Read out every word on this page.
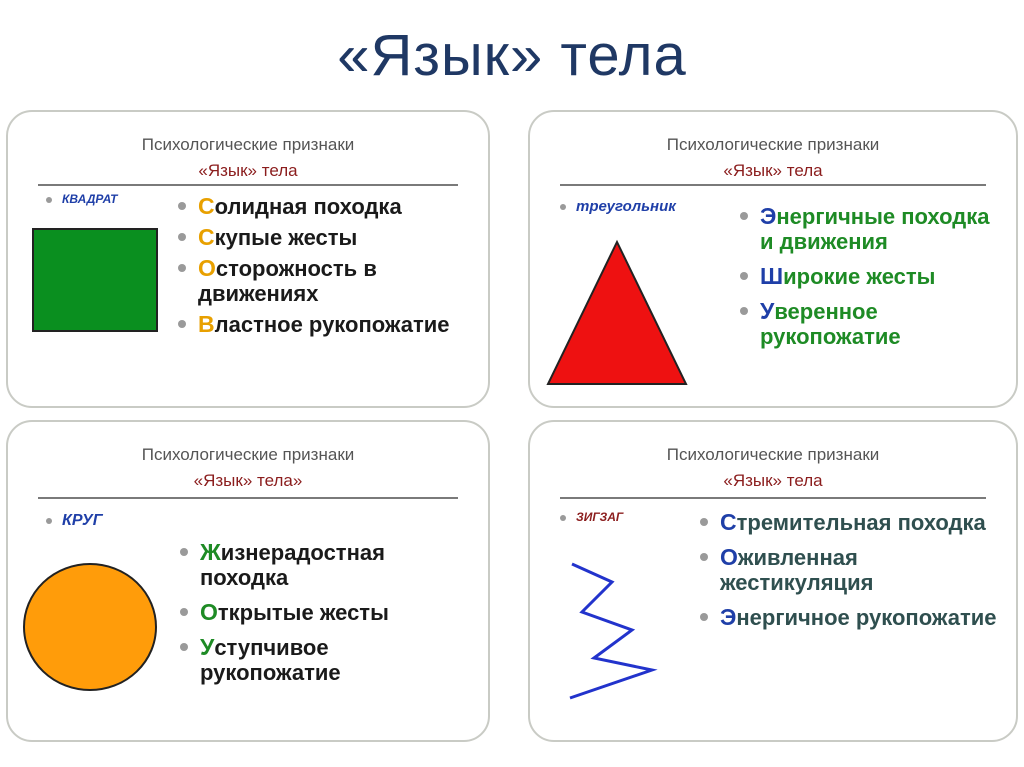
«Язык» тела
Психологические признаки
«Язык» тела
КВАДРАТ	Солидная походка
Скупые жесты
Осторожность в движениях
Властное рукопожатие
Психологические признаки
«Язык» тела
треугольник	Энергичные походка и движения
Широкие жесты
Уверенное рукопожатие
Психологические признаки
«Язык» тела»
КРУГ
Жизнерадостная походка
Открытые жесты
Уступчивое рукопожатие
Психологические признаки
«Язык» тела
ЗИГЗАГ	Стремительная походка
Оживленная жестикуляция
Энергичное рукопожатие
